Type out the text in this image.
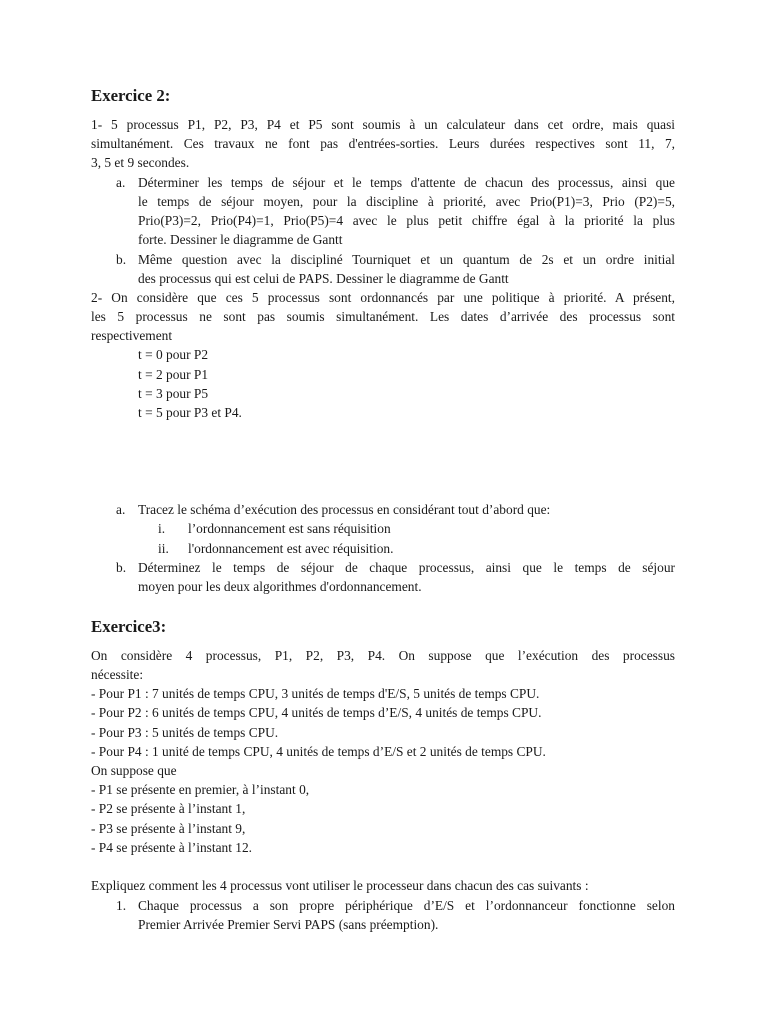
Exercice 2:
1- 5 processus P1, P2, P3, P4 et P5 sont soumis à un calculateur dans cet ordre, mais quasi
simultanément. Ces travaux ne font pas d'entrées-sorties. Leurs durées respectives sont 11, 7,
3, 5 et 9 secondes.
a. Déterminer les temps de séjour et le temps d'attente de chacun des processus, ainsi que
le temps de séjour moyen, pour la discipline à priorité, avec Prio(P1)=3, Prio (P2)=5,
Prio(P3)=2, Prio(P4)=1, Prio(P5)=4 avec le plus petit chiffre égal à la priorité la plus
forte. Dessiner le diagramme de Gantt
b. Même question avec la discipliné Tourniquet et un quantum de 2s et un ordre initial
des processus qui est celui de PAPS. Dessiner le diagramme de Gantt
2- On considère que ces 5 processus sont ordonnancés par une politique à priorité. A présent,
les 5 processus ne sont pas soumis simultanément. Les dates d’arrivée des processus sont
respectivement
t = 0 pour P2
t = 2 pour P1
t = 3 pour P5
t = 5 pour P3 et P4.
a. Tracez le schéma d’exécution des processus en considérant tout d’abord que:
i. l’ordonnancement est sans réquisition
ii. l'ordonnancement est avec réquisition.
b. Déterminez le temps de séjour de chaque processus, ainsi que le temps de séjour
moyen pour les deux algorithmes d'ordonnancement.
Exercice3:
On considère 4 processus, P1, P2, P3, P4. On suppose que l’exécution des processus
nécessite:
- Pour P1 : 7 unités de temps CPU, 3 unités de temps d'E/S, 5 unités de temps CPU.
- Pour P2 : 6 unités de temps CPU, 4 unités de temps d’E/S, 4 unités de temps CPU.
- Pour P3 : 5 unités de temps CPU.
- Pour P4 : 1 unité de temps CPU, 4 unités de temps d’E/S et 2 unités de temps CPU.
On suppose que
- P1 se présente en premier, à l’instant 0,
- P2 se présente à l’instant 1,
- P3 se présente à l’instant 9,
- P4 se présente à l’instant 12.
Expliquez comment les 4 processus vont utiliser le processeur dans chacun des cas suivants :
1. Chaque processus a son propre périphérique d’E/S et l’ordonnanceur fonctionne selon
Premier Arrivée Premier Servi PAPS (sans préemption).
